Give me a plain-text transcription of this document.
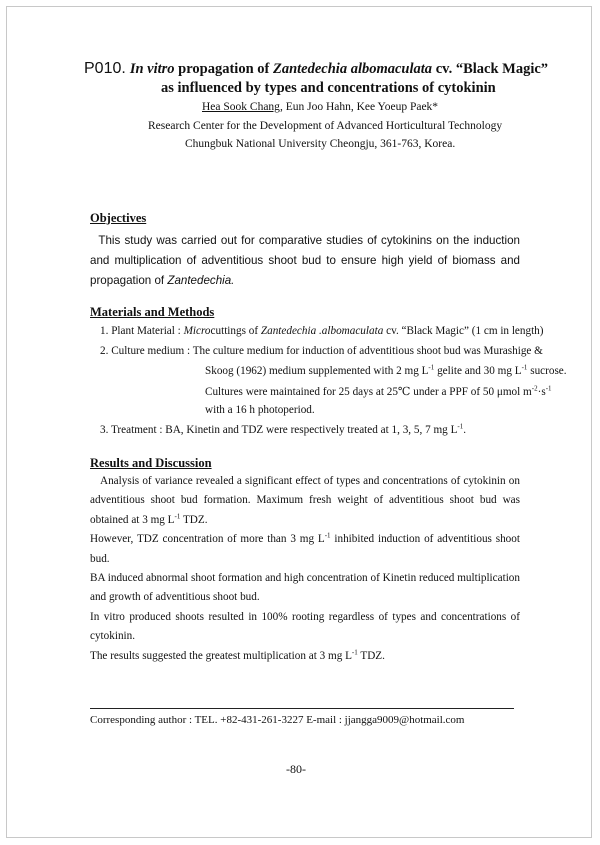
P010. In vitro propagation of Zantedechia albomaculata cv. “Black Magic”
as influenced by types and concentrations of cytokinin
Hea Sook Chang, Eun Joo Hahn, Kee Yoeup Paek*
Research Center for the Development of Advanced Horticultural Technology
Chungbuk National University Cheongju, 361-763, Korea.
Objectives
This study was carried out for comparative studies of cytokinins on the induction and multiplication of adventitious shoot bud to ensure high yield of biomass and propagation of Zantedechia.
Materials and Methods
1. Plant Material : Microcuttings of Zantedechia .albomaculata cv. “Black Magic” (1 cm in length)
2. Culture medium : The culture medium for induction of adventitious shoot bud was Murashige &
Skoog (1962) medium supplemented with 2 mg $L^{-1}$ gelite and 30 mg $L^{-1}$ sucrose.
Cultures were maintained for 25 days at 25℃ under a PPF of 50 μmol $m^{-2}\cdot s^{-1}$
with a 16 h photoperiod.
3. Treatment : BA, Kinetin and TDZ were respectively treated at 1, 3, 5, 7 mg $L^{-1}$.
Results and Discussion

Analysis of variance revealed a significant effect of types and concentrations of cytokinin on adventitious shoot bud formation. Maximum fresh weight of adventitious shoot bud was obtained at 3 mg $L^{-1}$ TDZ.

However, TDZ concentration of more than 3 mg $L^{-1}$ inhibited induction of adventitious shoot bud.

BA induced abnormal shoot formation and high concentration of Kinetin reduced multiplication and growth of adventitious shoot bud.

In vitro produced shoots resulted in 100% rooting regardless of types and concentrations of cytokinin.

The results suggested the greatest multiplication at 3 mg $L^{-1}$ TDZ.

Corresponding author : TEL. +82-431-261-3227 E-mail : jjangga9009@hotmail.com
-80-
